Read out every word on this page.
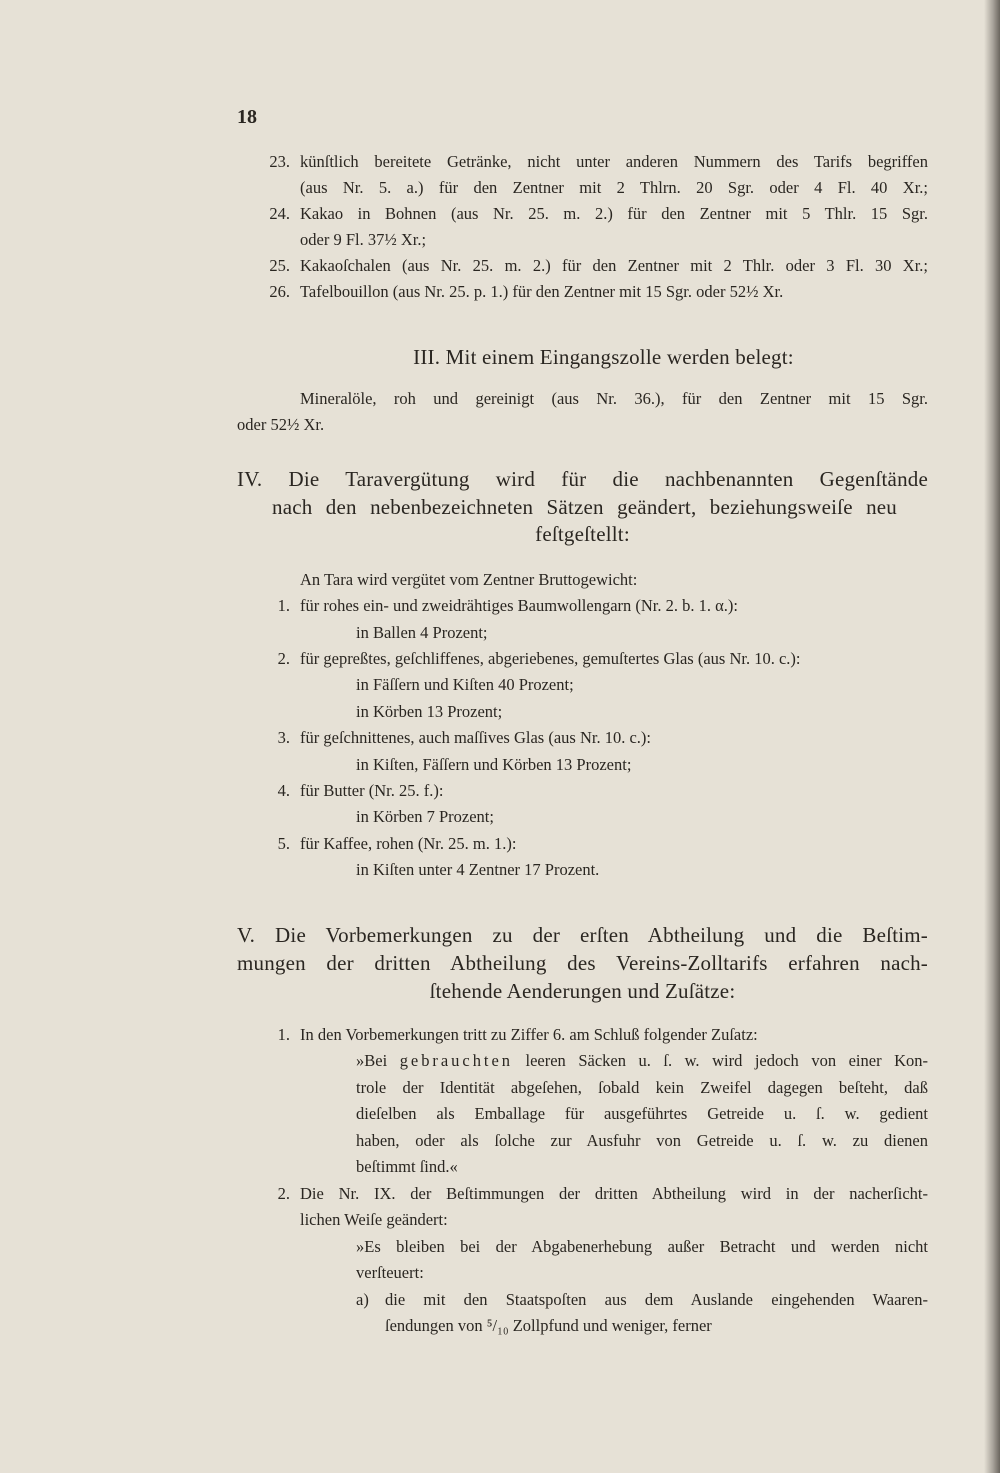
18
23. künſtlich bereitete Getränke, nicht unter anderen Nummern des Tarifs begriffen
(aus Nr. 5. a.) für den Zentner mit 2 Thlrn. 20 Sgr. oder 4 Fl. 40 Xr.;
24. Kakao in Bohnen (aus Nr. 25. m. 2.) für den Zentner mit 5 Thlr. 15 Sgr.
oder 9 Fl. 37½ Xr.;
25. Kakaoſchalen (aus Nr. 25. m. 2.) für den Zentner mit 2 Thlr. oder 3 Fl. 30 Xr.;
26. Tafelbouillon (aus Nr. 25. p. 1.) für den Zentner mit 15 Sgr. oder 52½ Xr.
III. Mit einem Eingangszolle werden belegt:
Mineralöle, roh und gereinigt (aus Nr. 36.), für den Zentner mit 15 Sgr.
oder 52½ Xr.
IV. Die Taravergütung wird für die nachbenannten Gegenſtände
nach den nebenbezeichneten Sätzen geändert, beziehungsweiſe neu
feſtgeſtellt:
An Tara wird vergütet vom Zentner Bruttogewicht:
1. für rohes ein- und zweidrähtiges Baumwollengarn (Nr. 2. b. 1. α.):
in Ballen 4 Prozent;
2. für gepreßtes, geſchliffenes, abgeriebenes, gemuſtertes Glas (aus Nr. 10. c.):
in Fäſſern und Kiſten 40 Prozent;
in Körben 13 Prozent;
3. für geſchnittenes, auch maſſives Glas (aus Nr. 10. c.):
in Kiſten, Fäſſern und Körben 13 Prozent;
4. für Butter (Nr. 25. f.):
in Körben 7 Prozent;
5. für Kaffee, rohen (Nr. 25. m. 1.):
in Kiſten unter 4 Zentner 17 Prozent.
V. Die Vorbemerkungen zu der erſten Abtheilung und die Beſtim-
mungen der dritten Abtheilung des Vereins-Zolltarifs erfahren nach-
ſtehende Aenderungen und Zuſätze:
1. In den Vorbemerkungen tritt zu Ziffer 6. am Schluß folgender Zuſatz:
»Bei gebrauchten leeren Säcken u. ſ. w. wird jedoch von einer Kon-
trole der Identität abgeſehen, ſobald kein Zweifel dagegen beſteht, daß
dieſelben als Emballage für ausgeführtes Getreide u. ſ. w. gedient
haben, oder als ſolche zur Ausfuhr von Getreide u. ſ. w. zu dienen
beſtimmt ſind.«
2. Die Nr. IX. der Beſtimmungen der dritten Abtheilung wird in der nacherſicht-
lichen Weiſe geändert:
»Es bleiben bei der Abgabenerhebung außer Betracht und werden nicht
verſteuert:
a) die mit den Staatspoſten aus dem Auslande eingehenden Waaren-
ſendungen von ⁵/₁₀ Zollpfund und weniger, ferner
